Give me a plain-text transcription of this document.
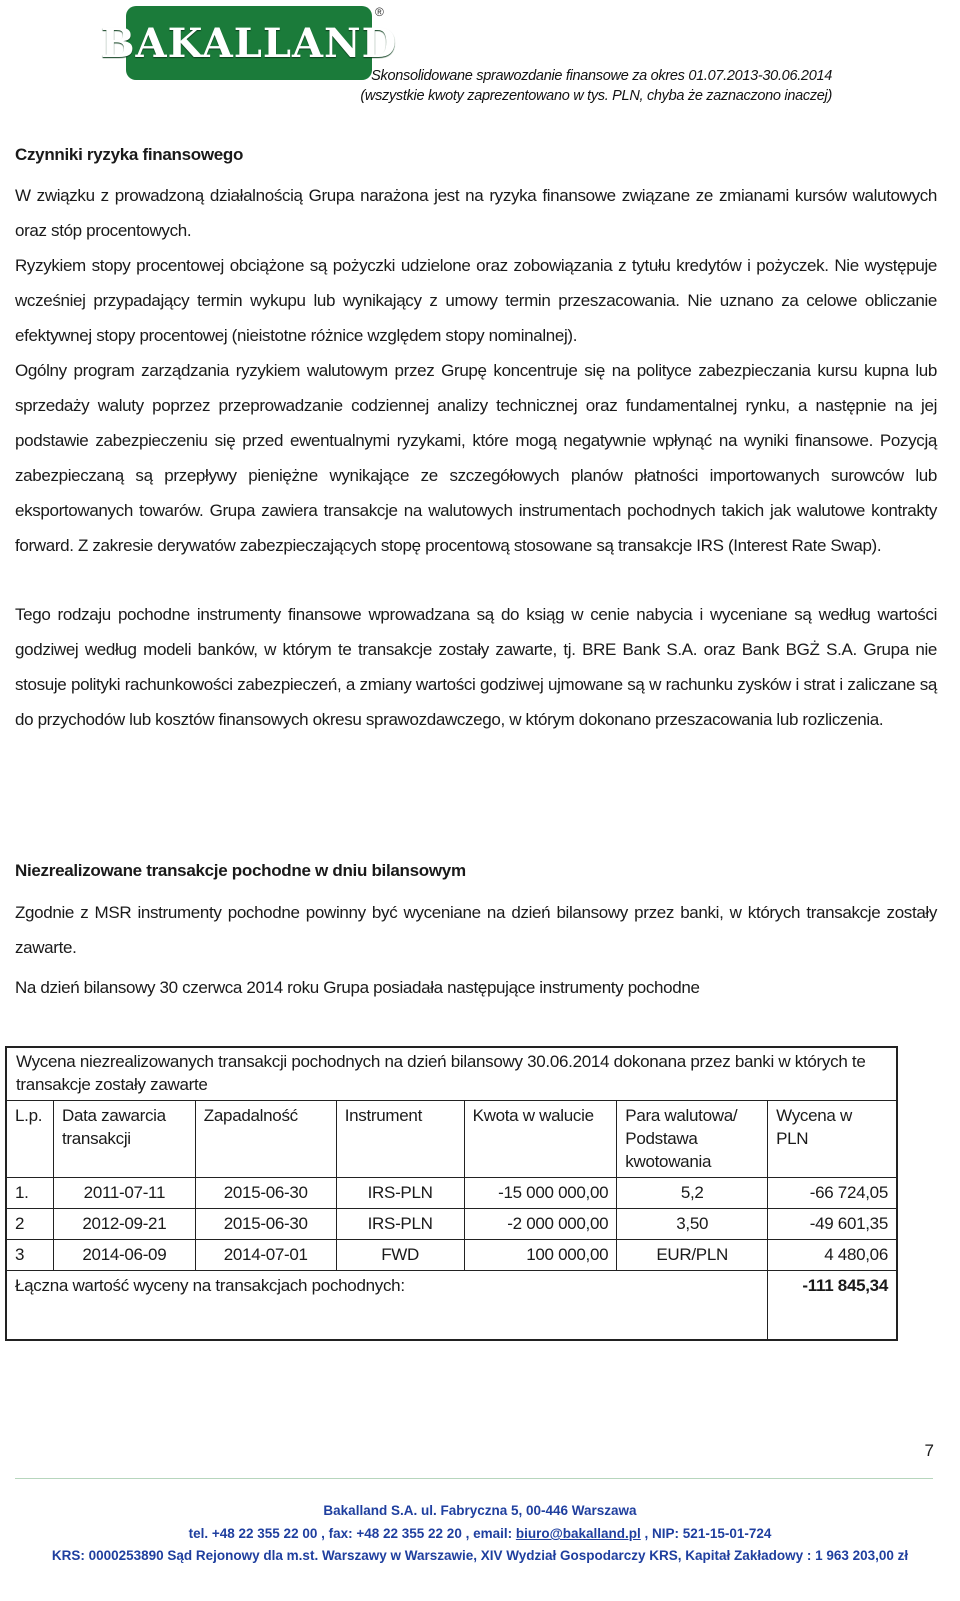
BAKALLAND
®
Skonsolidowane sprawozdanie finansowe za okres 01.07.2013-30.06.2014
(wszystkie kwoty zaprezentowano w tys. PLN, chyba że zaznaczono inaczej)
Czynniki ryzyka finansowego

W związku z prowadzoną działalnością Grupa narażona jest na ryzyka finansowe związane ze zmianami kursów walutowych oraz stóp procentowych.

Ryzykiem stopy procentowej obciążone są pożyczki udzielone oraz zobowiązania z tytułu kredytów i pożyczek. Nie występuje wcześniej przypadający termin wykupu lub wynikający z umowy termin przeszacowania. Nie uznano za celowe obliczanie efektywnej stopy procentowej (nieistotne różnice względem stopy nominalnej).

Ogólny program zarządzania ryzykiem walutowym przez Grupę koncentruje się na polityce zabezpieczania kursu kupna lub sprzedaży waluty poprzez przeprowadzanie codziennej analizy technicznej oraz fundamentalnej rynku, a następnie na jej podstawie zabezpieczeniu się przed ewentualnymi ryzykami, które mogą negatywnie wpłynąć na wyniki finansowe. Pozycją zabezpieczaną są przepływy pieniężne wynikające ze szczegółowych planów płatności importowanych surowców lub eksportowanych towarów. Grupa zawiera transakcje na walutowych instrumentach pochodnych takich jak walutowe kontrakty forward. Z zakresie derywatów zabezpieczających stopę procentową stosowane są transakcje IRS (Interest Rate Swap).

Tego rodzaju pochodne instrumenty finansowe wprowadzana są do ksiąg w cenie nabycia i wyceniane są według wartości godziwej według modeli banków, w którym te transakcje zostały zawarte, tj. BRE Bank S.A. oraz Bank BGŻ S.A. Grupa nie stosuje polityki rachunkowości zabezpieczeń, a zmiany wartości godziwej ujmowane są w rachunku zysków i strat i zaliczane są do przychodów lub kosztów finansowych okresu sprawozdawczego, w którym dokonano przeszacowania lub rozliczenia.

Niezrealizowane transakcje pochodne w dniu bilansowym

Zgodnie z MSR instrumenty pochodne powinny być wyceniane na dzień bilansowy przez banki, w których transakcje zostały zawarte.

Na dzień bilansowy 30 czerwca 2014 roku Grupa posiadała następujące instrumenty pochodne

Wycena niezrealizowanych transakcji pochodnych na dzień bilansowy 30.06.2014 dokonana przez banki w których te transakcje zostały zawarte						
L.p.	Data zawarcia transakcji	Zapadalność	Instrument	Kwota w walucie	Para walutowa/ Podstawa kwotowania	Wycena w PLN
1.	2011-07-11	2015-06-30	IRS-PLN	-15 000 000,00	5,2	-66 724,05
2	2012-09-21	2015-06-30	IRS-PLN	-2 000 000,00	3,50	-49 601,35
3	2014-06-09	2014-07-01	FWD	100 000,00	EUR/PLN	4 480,06
Łączna wartość wyceny na transakcjach pochodnych:						-111 845,34
7
Bakalland S.A. ul. Fabryczna 5, 00-446 Warszawa
tel. +48 22 355 22 00 , fax: +48 22 355 22 20 , email: biuro@bakalland.pl , NIP: 521-15-01-724
KRS: 0000253890 Sąd Rejonowy dla m.st. Warszawy w Warszawie, XIV Wydział Gospodarczy KRS, Kapitał Zakładowy : 1 963 203,00 zł
